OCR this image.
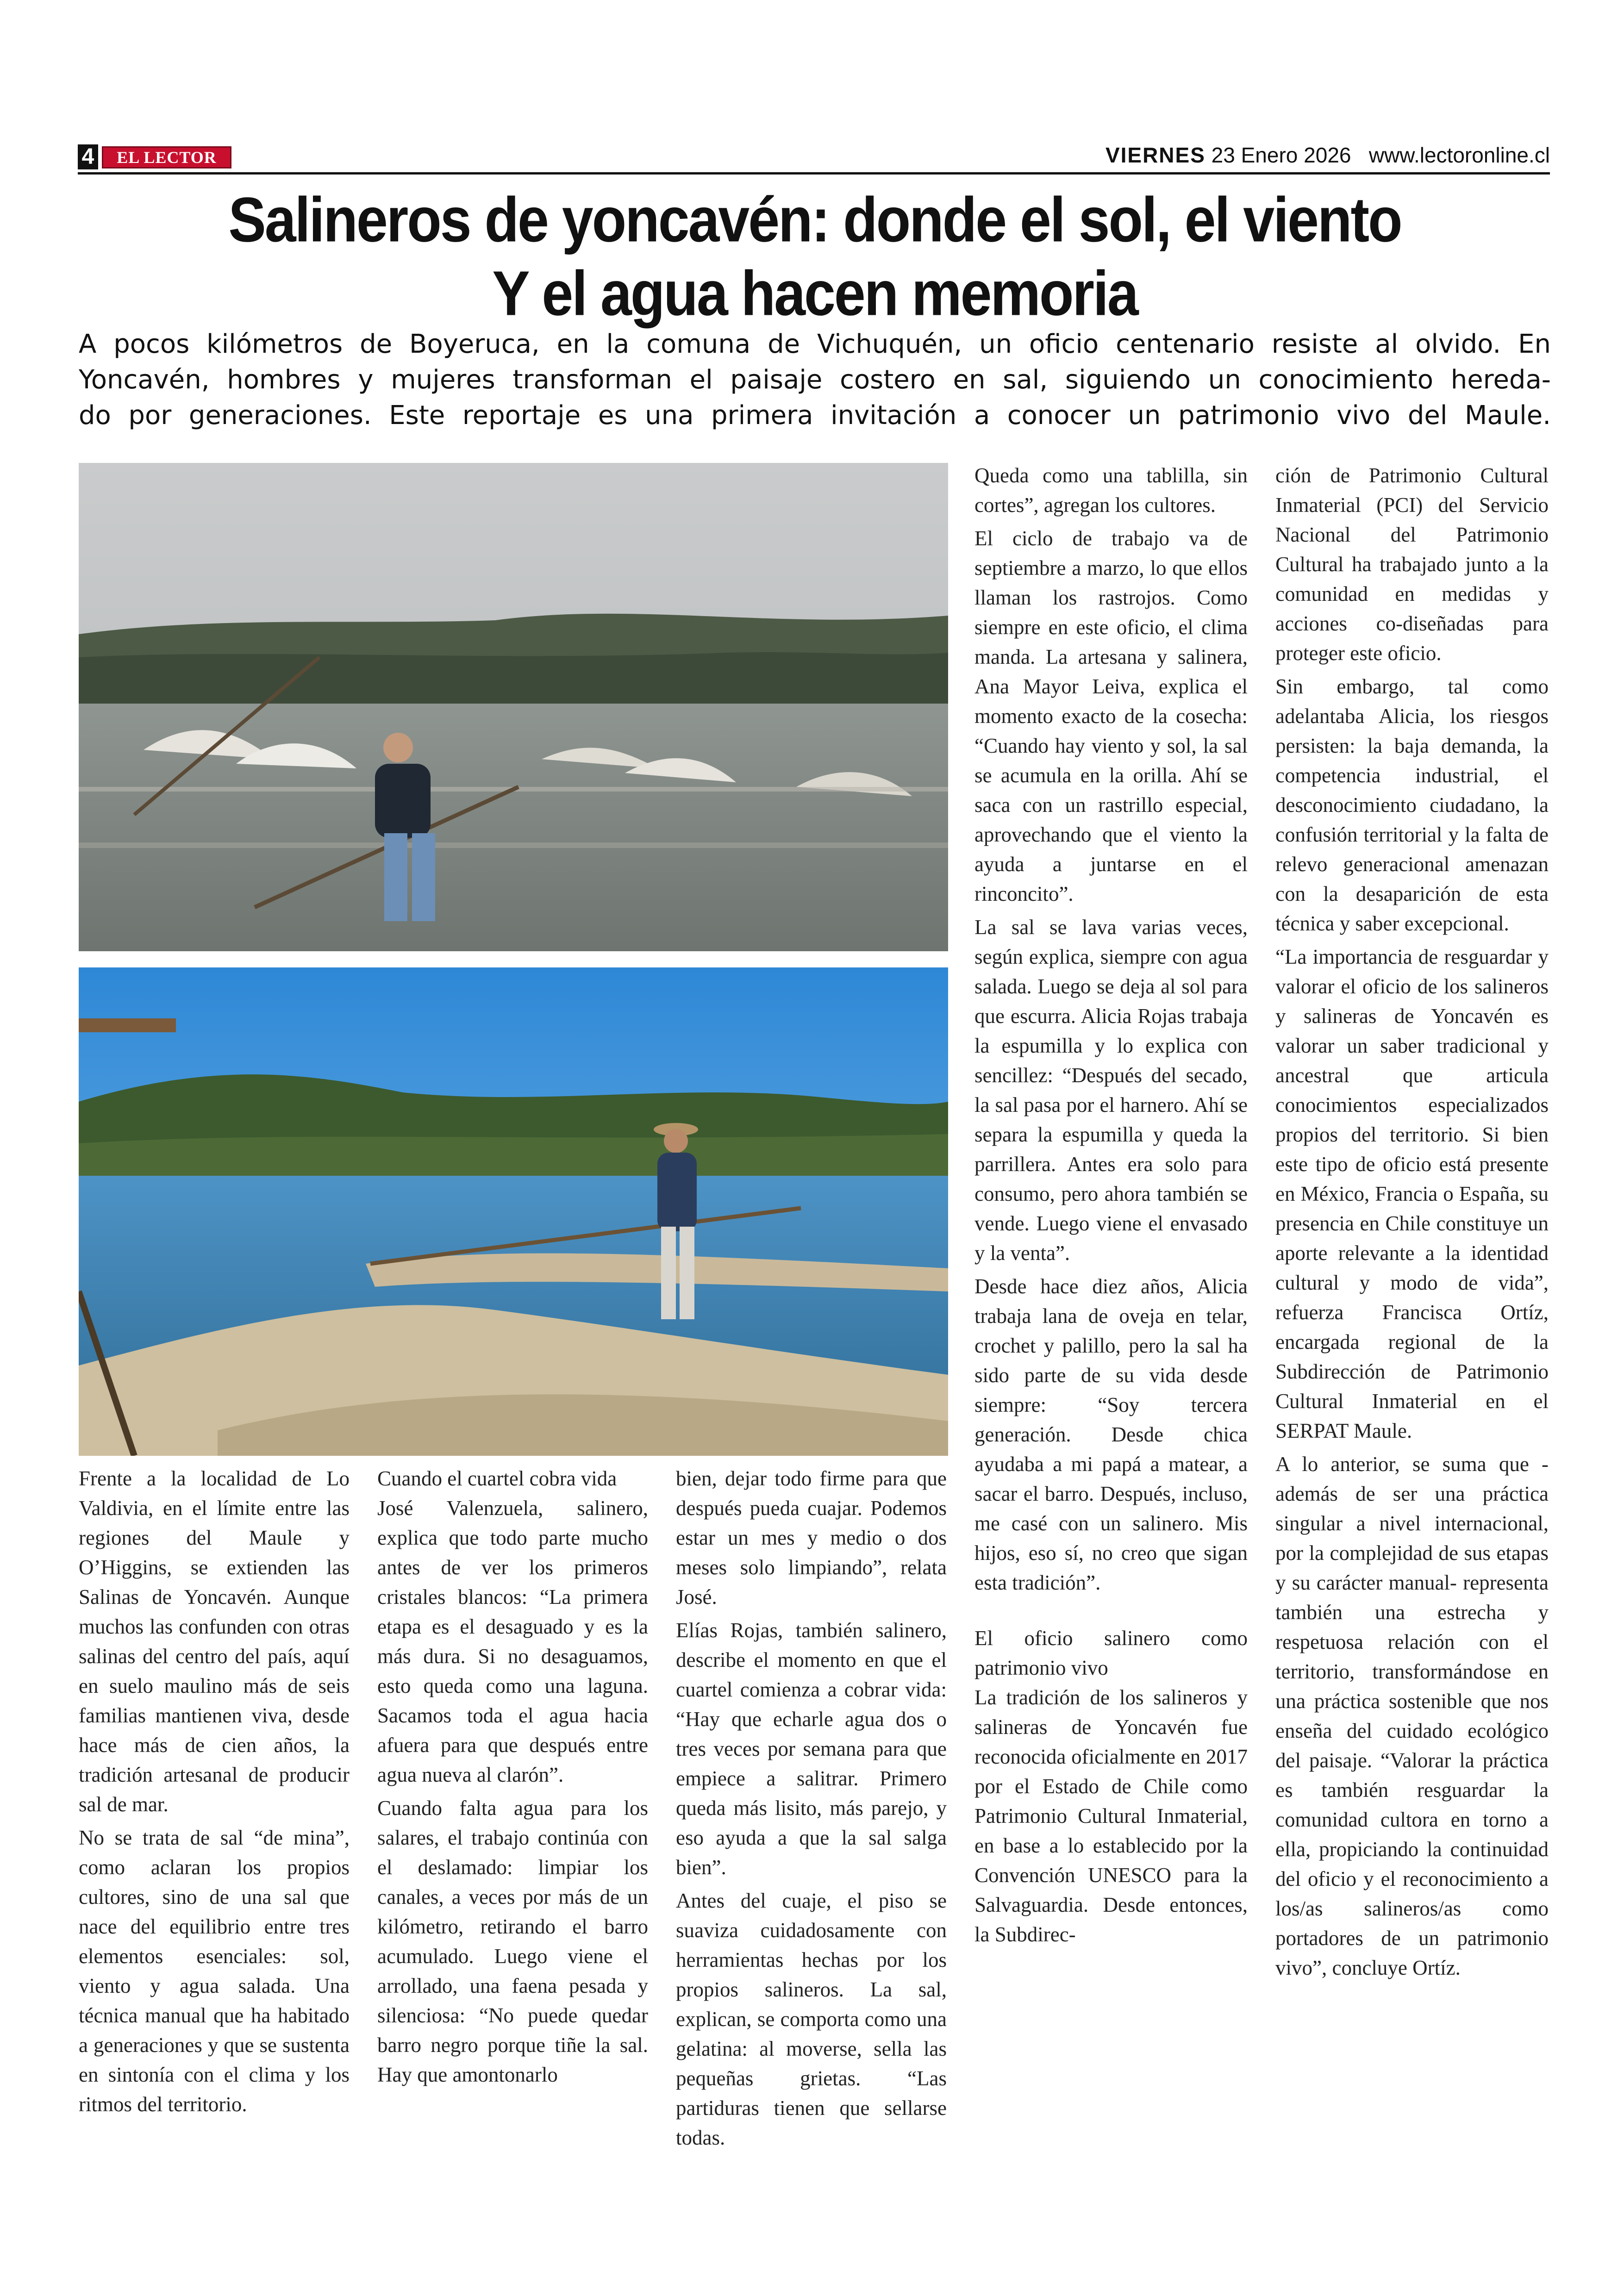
4	EL LECTOR	VIERNES 23 Enero 2026 www.lectoronline.cl
Salineros de yoncavén: donde el sol, el viento
Y el agua hacen memoria

A pocos kilómetros de Boyeruca, en la comuna de Vichuquén, un oficio centenario resiste al olvido. En
Yoncavén, hombres y mujeres transforman el paisaje costero en sal, siguiendo un conocimiento hereda-
do por generaciones. Este reportaje es una primera invitación a conocer un patrimonio vivo del Maule.

Frente a la localidad de Lo Valdivia, en el límite entre las regiones del Maule y O’Higgins, se extienden las Salinas de Yoncavén. Aunque muchos las confunden con otras salinas del centro del país, aquí en suelo maulino más de seis familias mantienen viva, desde hace más de cien años, la tradición artesanal de producir sal de mar.

No se trata de sal “de mina”, como aclaran los propios cultores, sino de una sal que nace del equilibrio entre tres elementos esenciales: sol, viento y agua salada. Una técnica manual que ha habitado a generaciones y que se sustenta en sintonía con el clima y los ritmos del territorio.

Cuando el cuartel cobra vida

José Valenzuela, salinero, explica que todo parte mucho antes de ver los primeros cristales blancos: “La primera etapa es el desaguado y es la más dura. Si no desaguamos, esto queda como una laguna. Sacamos toda el agua hacia afuera para que después entre agua nueva al clarón”.

Cuando falta agua para los salares, el trabajo continúa con el deslamado: limpiar los canales, a veces por más de un kilómetro, retirando el barro acumulado. Luego viene el arrollado, una faena pesada y silenciosa: “No puede quedar barro negro porque tiñe la sal. Hay que amontonarlo

bien, dejar todo firme para que después pueda cuajar. Podemos estar un mes y medio o dos meses solo limpiando”, relata José.

Elías Rojas, también salinero, describe el momento en que el cuartel comienza a cobrar vida: “Hay que echarle agua dos o tres veces por semana para que empiece a salitrar. Primero queda más lisito, más parejo, y eso ayuda a que la sal salga bien”.

Antes del cuaje, el piso se suaviza cuidadosamente con herramientas hechas por los propios salineros. La sal, explican, se comporta como una gelatina: al moverse, sella las pequeñas grietas. “Las partiduras tienen que sellarse todas.

Queda como una tablilla, sin cortes”, agregan los cultores.

El ciclo de trabajo va de septiembre a marzo, lo que ellos llaman los rastrojos. Como siempre en este oficio, el clima manda. La artesana y salinera, Ana Mayor Leiva, explica el momento exacto de la cosecha: “Cuando hay viento y sol, la sal se acumula en la orilla. Ahí se saca con un rastrillo especial, aprovechando que el viento la ayuda a juntarse en el rinconcito”.

La sal se lava varias veces, según explica, siempre con agua salada. Luego se deja al sol para que escurra. Alicia Rojas trabaja la espumilla y lo explica con sencillez: “Después del secado, la sal pasa por el harnero. Ahí se separa la espumilla y queda la parrillera. Antes era solo para consumo, pero ahora también se vende. Luego viene el envasado y la venta”.

Desde hace diez años, Alicia trabaja lana de oveja en telar, crochet y palillo, pero la sal ha sido parte de su vida desde siempre: “Soy tercera generación. Desde chica ayudaba a mi papá a matear, a sacar el barro. Después, incluso, me casé con un salinero. Mis hijos, eso sí, no creo que sigan esta tradición”.

El oficio salinero como patrimonio vivo

La tradición de los salineros y salineras de Yoncavén fue reconocida oficialmente en 2017 por el Estado de Chile como Patrimonio Cultural Inmaterial, en base a lo establecido por la Convención UNESCO para la Salvaguardia. Desde entonces, la Subdirec-

ción de Patrimonio Cultural Inmaterial (PCI) del Servicio Nacional del Patrimonio Cultural ha trabajado junto a la comunidad en medidas y acciones co-diseñadas para proteger este oficio.

Sin embargo, tal como adelantaba Alicia, los riesgos persisten: la baja demanda, la competencia industrial, el desconocimiento ciudadano, la confusión territorial y la falta de relevo generacional amenazan con la desaparición de esta técnica y saber excepcional.

“La importancia de resguardar y valorar el oficio de los salineros y salineras de Yoncavén es valorar un saber tradicional y ancestral que articula conocimientos especializados propios del territorio. Si bien este tipo de oficio está presente en México, Francia o España, su presencia en Chile constituye un aporte relevante a la identidad cultural y modo de vida”, refuerza Francisca Ortíz, encargada regional de la Subdirección de Patrimonio Cultural Inmaterial en el SERPAT Maule.

A lo anterior, se suma que -además de ser una práctica singular a nivel internacional, por la complejidad de sus etapas y su carácter manual- representa también una estrecha y respetuosa relación con el territorio, transformándose en una práctica sostenible que nos enseña del cuidado ecológico del paisaje. “Valorar la práctica es también resguardar la comunidad cultora en torno a ella, propiciando la continuidad del oficio y el reconocimiento a los/as salineros/as como portadores de un patrimonio vivo”, concluye Ortíz.
